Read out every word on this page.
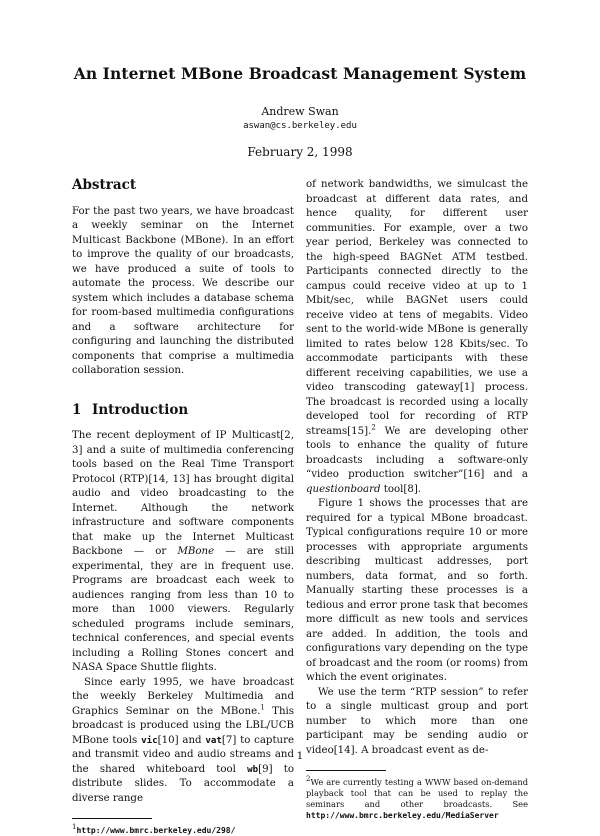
An Internet MBone Broadcast Management System
Andrew Swan
aswan@cs.berkeley.edu
February 2, 1998
Abstract

For the past two years, we have broadcast a weekly seminar on the Internet Multicast Backbone (MBone). In an effort to improve the quality of our broadcasts, we have produced a suite of tools to automate the process. We describe our system which includes a database schema for room-based multimedia configurations and a software architecture for configuring and launching the distributed components that comprise a multimedia collaboration session.

1 Introduction

The recent deployment of IP Multicast[2, 3] and a suite of multimedia conferencing tools based on the Real Time Transport Protocol (RTP)[14, 13] has brought digital audio and video broadcasting to the Internet. Although the network infrastructure and software components that make up the Internet Multicast Backbone — or MBone — are still experimental, they are in frequent use. Programs are broadcast each week to audiences ranging from less than 10 to more than 1000 viewers. Regularly scheduled programs include seminars, technical conferences, and special events including a Rolling Stones concert and NASA Space Shuttle flights.

Since early 1995, we have broadcast the weekly Berkeley Multimedia and Graphics Seminar on the MBone.$^1$ This broadcast is produced using the LBL/UCB MBone tools vic[10] and vat[7] to capture and transmit video and audio streams and the shared whiteboard tool wb[9] to distribute slides. To accommodate a diverse range

$^1$http://www.bmrc.berkeley.edu/298/

of network bandwidths, we simulcast the broadcast at different data rates, and hence quality, for different user communities. For example, over a two year period, Berkeley was connected to the high-speed BAGNet ATM testbed. Participants connected directly to the campus could receive video at up to 1 Mbit/sec, while BAGNet users could receive video at tens of megabits. Video sent to the world-wide MBone is generally limited to rates below 128 Kbits/sec. To accommodate participants with these different receiving capabilities, we use a video transcoding gateway[1] process. The broadcast is recorded using a locally developed tool for recording of RTP streams[15].$^2$ We are developing other tools to enhance the quality of future broadcasts including a software-only “video production switcher”[16] and a questionboard tool[8].

Figure 1 shows the processes that are required for a typical MBone broadcast. Typical configurations require 10 or more processes with appropriate arguments describing multicast addresses, port numbers, data format, and so forth. Manually starting these processes is a tedious and error prone task that becomes more difficult as new tools and services are added. In addition, the tools and configurations vary depending on the type of broadcast and the room (or rooms) from which the event originates.

We use the term “RTP session” to refer to a single multicast group and port number to which more than one participant may be sending audio or video[14]. A broadcast event as de-

$^2$We are currently testing a WWW based on-demand playback tool that can be used to replay the seminars and other broadcasts. See http://www.bmrc.berkeley.edu/MediaServer
1
